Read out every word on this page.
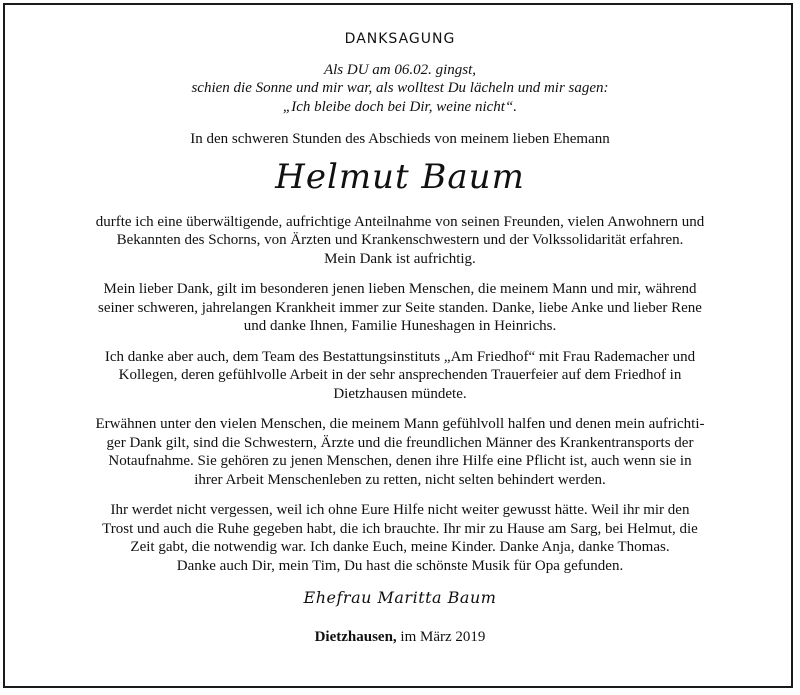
DANKSAGUNG
Als DU am 06.02. gingst,
schien die Sonne und mir war, als wolltest Du lächeln und mir sagen:
„Ich bleibe doch bei Dir, weine nicht“.
In den schweren Stunden des Abschieds von meinem lieben Ehemann
Helmut Baum
durfte ich eine überwältigende, aufrichtige Anteilnahme von seinen Freunden, vielen Anwohnern und
Bekannten des Schorns, von Ärzten und Krankenschwestern und der Volkssolidarität erfahren.
Mein Dank ist aufrichtig.
Mein lieber Dank, gilt im besonderen jenen lieben Menschen, die meinem Mann und mir, während
seiner schweren, jahrelangen Krankheit immer zur Seite standen. Danke, liebe Anke und lieber Rene
und danke Ihnen, Familie Huneshagen in Heinrichs.
Ich danke aber auch, dem Team des Bestattungsinstituts „Am Friedhof“ mit Frau Rademacher und
Kollegen, deren gefühlvolle Arbeit in der sehr ansprechenden Trauerfeier auf dem Friedhof in
Dietzhausen mündete.
Erwähnen unter den vielen Menschen, die meinem Mann gefühlvoll halfen und denen mein aufrichti-
ger Dank gilt, sind die Schwestern, Ärzte und die freundlichen Männer des Krankentransports der
Notaufnahme. Sie gehören zu jenen Menschen, denen ihre Hilfe eine Pflicht ist, auch wenn sie in
ihrer Arbeit Menschenleben zu retten, nicht selten behindert werden.
Ihr werdet nicht vergessen, weil ich ohne Eure Hilfe nicht weiter gewusst hätte. Weil ihr mir den
Trost und auch die Ruhe gegeben habt, die ich brauchte. Ihr mir zu Hause am Sarg, bei Helmut, die
Zeit gabt, die notwendig war. Ich danke Euch, meine Kinder. Danke Anja, danke Thomas.
Danke auch Dir, mein Tim, Du hast die schönste Musik für Opa gefunden.
Ehefrau Maritta Baum
Dietzhausen, im März 2019
